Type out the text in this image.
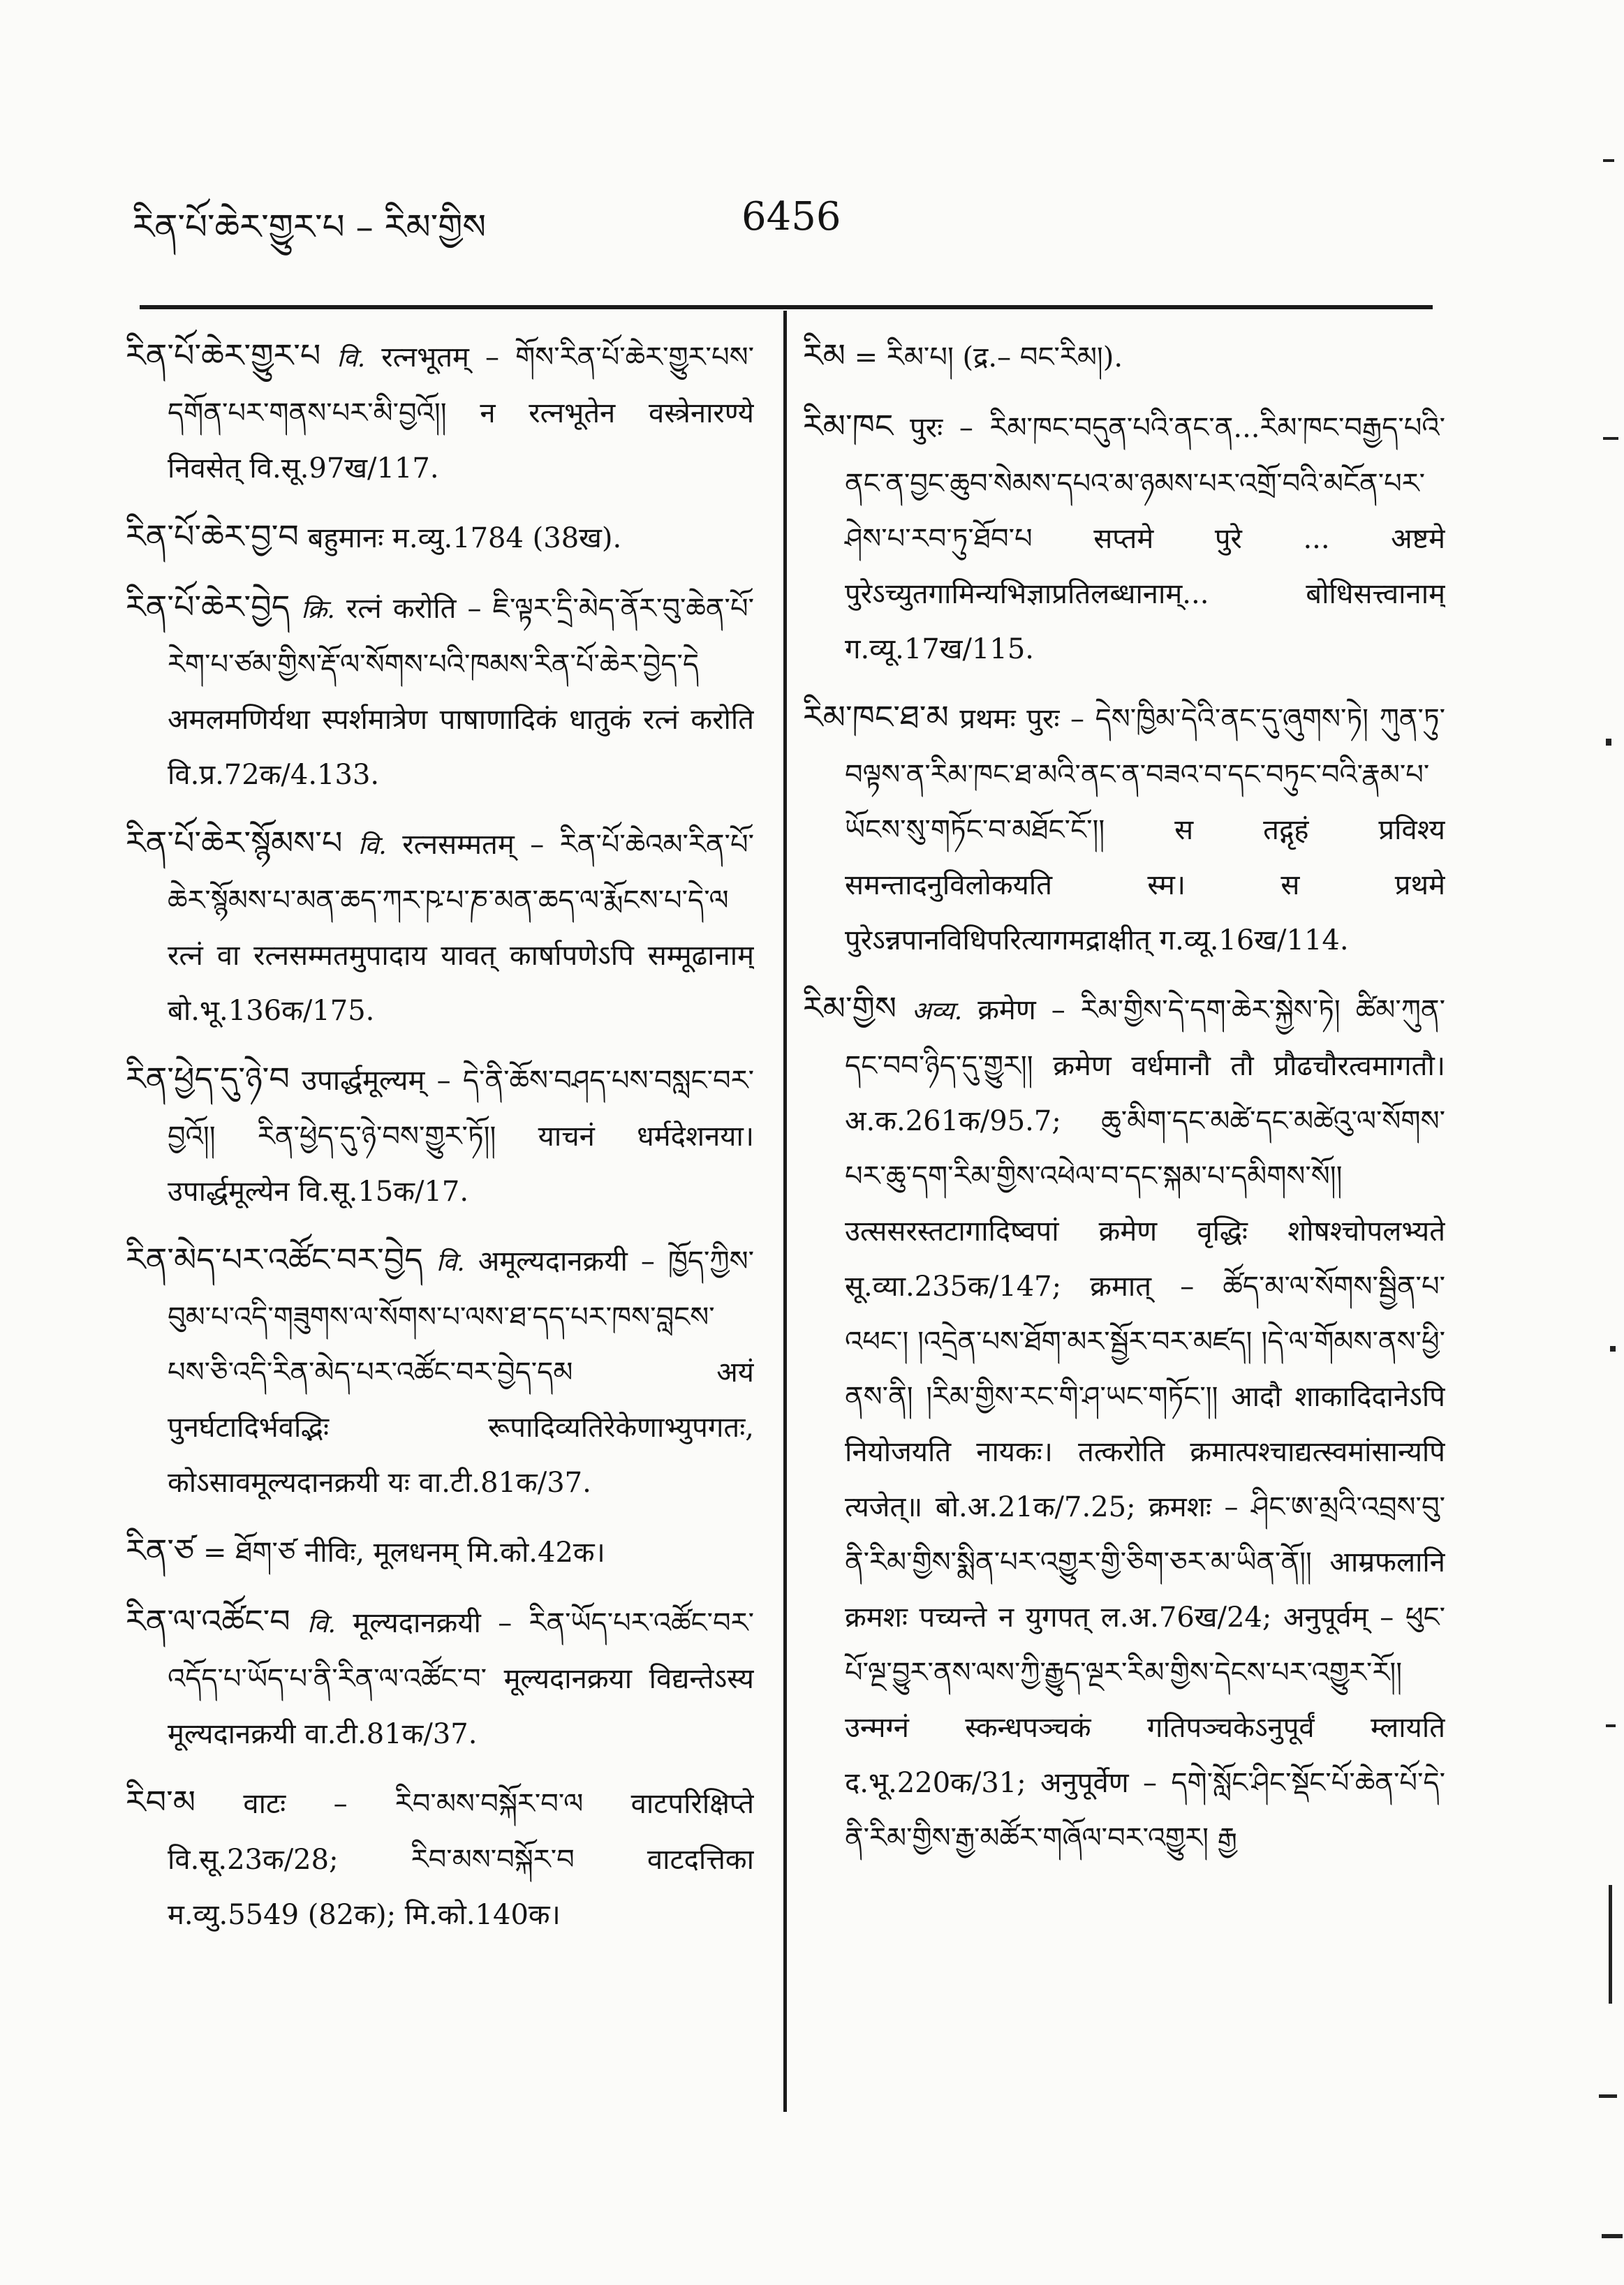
རིན་པོ་ཆེར་གྱུར་པ – རིམ་གྱིས	6456

རིན་པོ་ཆེར་གྱུར་པ वि. रत्नभूतम् – གོས་རིན་པོ་ཆེར་གྱུར་པས་དགོན་པར་གནས་པར་མི་བྱའོ།། न रत्नभूतेन वस्त्रेनारण्ये निवसेत् वि.सू.97ख/117.

རིན་པོ་ཆེར་བྱ་བ बहुमानः म.व्यु.1784 (38ख).

རིན་པོ་ཆེར་བྱེད क्रि. रत्नं करोति – ཇི་ལྟར་དྲི་མེད་ནོར་བུ་ཆེན་པོ་རེག་པ་ཙམ་གྱིས་རྡོ་ལ་སོགས་པའི་ཁམས་རིན་པོ་ཆེར་བྱེད་དེ अमलमणिर्यथा स्पर्शमात्रेण पाषाणादिकं धातुकं रत्नं करोति वि.प्र.72क/4.133.

རིན་པོ་ཆེར་སྙོམས་པ वि. रत्नसम्मतम् – རིན་པོ་ཆེའམ་རིན་པོ་ཆེར་སྙོམས་པ་མན་ཆད་ཀར་ཥ་པ་ཎ་མན་ཆད་ལ་རྨོངས་པ་དེ་ལ रत्नं वा रत्नसम्मतमुपादाय यावत् कार्षापणेऽपि सम्मूढानाम् बो.भू.136क/175.

རིན་ཕྱེད་དུ་ཉེ་བ उपार्द्धमूल्यम् – དེ་ནི་ཆོས་བཤད་པས་བསླང་བར་བྱའོ།། རིན་ཕྱེད་དུ་ཉེ་བས་གྱུར་ཏོ།། याचनं धर्मदेशनया। उपार्द्धमूल्येन वि.सू.15क/17.

རིན་མེད་པར་འཚོང་བར་བྱེད वि. अमूल्यदानक्रयी – ཁྱོད་ཀྱིས་བུམ་པ་འདི་གཟུགས་ལ་སོགས་པ་ལས་ཐ་དད་པར་ཁས་བླངས་པས་ཅི་འདི་རིན་མེད་པར་འཚོང་བར་བྱེད་དམ अयं पुनर्घटादिर्भवद्भिः रूपादिव्यतिरेकेणाभ्युपगतः, कोऽसावमूल्यदानक्रयी यः वा.टी.81क/37.

རིན་ཙ = ཐོག་ཙ नीविः, मूलधनम् मि.को.42क।

རིན་ལ་འཚོང་བ वि. मूल्यदानक्रयी – རིན་ཡོད་པར་འཚོང་བར་འདོད་པ་ཡོད་པ་ནི་རིན་ལ་འཚོང་བ་ मूल्यदानक्रया विद्यन्तेऽस्य मूल्यदानक्रयी वा.टी.81क/37.

རིབ་མ वाटः – རིབ་མས་བསྐོར་བ་ལ वाटपरिक्षिप्ते वि.सू.23क/28; རིབ་མས་བསྐོར་བ वाटदत्तिका म.व्यु.5549 (82क); मि.को.140क।

རིམ = རིམ་པ། (द्र.– བང་རིམ།).

རིམ་ཁང पुरः – རིམ་ཁང་བདུན་པའི་ནང་ན...རིམ་ཁང་བརྒྱད་པའི་ནང་ན་བྱང་ཆུབ་སེམས་དཔའ་མ་ཉམས་པར་འགྲོ་བའི་མངོན་པར་ཤེས་པ་རབ་ཏུ་ཐོབ་པ सप्तमे पुरे ... अष्टमे पुरेऽच्युतगामिन्यभिज्ञाप्रतिलब्धानाम्... बोधिसत्त्वानाम् ग.व्यू.17ख/115.

རིམ་ཁང་ཐ་མ प्रथमः पुरः – དེས་ཁྱིམ་དེའི་ནང་དུ་ཞུགས་ཏེ། ཀུན་ཏུ་བལྟས་ན་རིམ་ཁང་ཐ་མའི་ནང་ན་བཟའ་བ་དང་བཏུང་བའི་རྣམ་པ་ཡོངས་སུ་གཏོང་བ་མཐོང་ངོ་།། स तद्गृहं प्रविश्य समन्तादनुविलोकयति स्म। स प्रथमे पुरेऽन्नपानविधिपरित्यागमद्राक्षीत् ग.व्यू.16ख/114.

རིམ་གྱིས अव्य. क्रमेण – རིམ་གྱིས་དེ་དག་ཆེར་སྐྱེས་ཏེ། ཚིམ་ཀུན་དང་བབ་ཉིད་དུ་གྱུར།། क्रमेण वर्धमानौ तौ प्रौढचौरत्वमागतौ। अ.क.261क/95.7; ཆུ་མིག་དང་མཚེ་དང་མཚེའུ་ལ་སོགས་པར་ཆུ་དག་རིམ་གྱིས་འཕེལ་བ་དང་སྐམ་པ་དམིགས་སོ།། उत्ससरस्तटागादिष्वपां क्रमेण वृद्धिः शोषश्चोपलभ्यते सू.व्या.235क/147; क्रमात् – ཚོད་མ་ལ་སོགས་སྦྱིན་པ་འཕང་། །འདྲེན་པས་ཐོག་མར་སྦྱོར་བར་མཛད། །དེ་ལ་གོམས་ནས་ཕྱི་ནས་ནི། །རིམ་གྱིས་རང་གི་ཤ་ཡང་གཏོང་།། आदौ शाकादिदानेऽपि नियोजयति नायकः। तत्करोति क्रमात्पश्चाद्यत्स्वमांसान्यपि त्यजेत्॥ बो.अ.21क/7.25; क्रमशः – ཤིང་ཨ་མྲའི་འབྲས་བུ་ནི་རིམ་གྱིས་སྨིན་པར་འགྱུར་གྱི་ཅིག་ཅར་མ་ཡིན་ནོ།། आम्रफलानि क्रमशः पच्यन्ते न युगपत् ल.अ.76ख/24; अनुपूर्वम् – ཕུང་པོ་ལྔ་བྱུར་ནས་ལས་ཀྱི་རྒྱུད་ལྔར་རིམ་གྱིས་དེངས་པར་འགྱུར་རོ།། उन्मग्नं स्कन्धपञ्चकं गतिपञ्चकेऽनुपूर्वं म्लायति द.भू.220क/31; अनुपूर्वेण – དགེ་སློང་ཤིང་སྡོང་པོ་ཆེན་པོ་དེ་ནི་རིམ་གྱིས་རྒྱ་མཚོར་གཞོལ་བར་འགྱུར། རྒྱ
